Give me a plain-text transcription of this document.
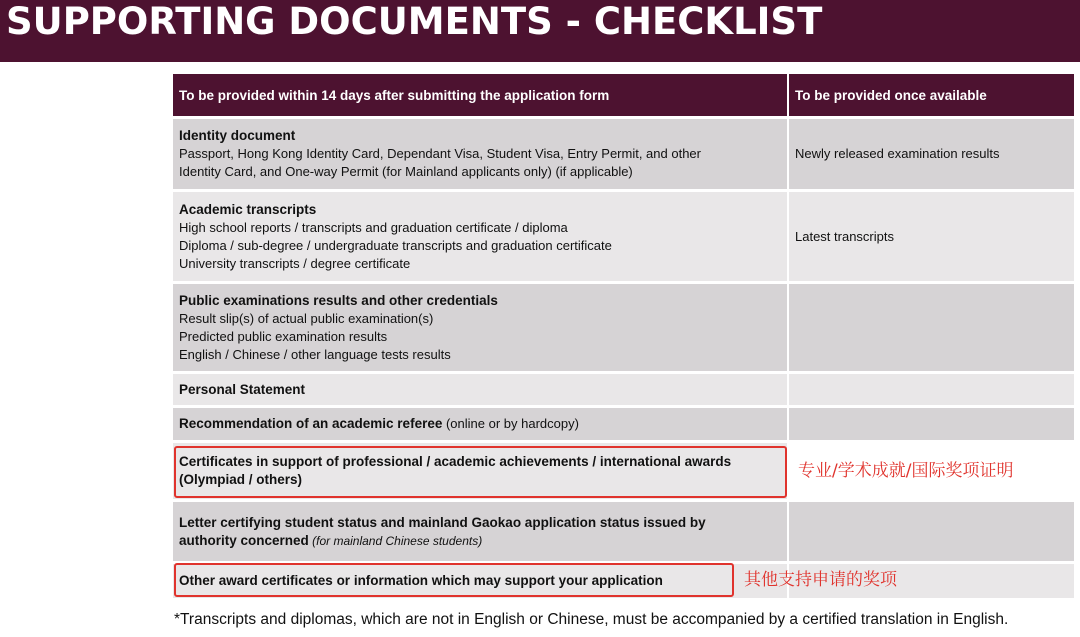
SUPPORTING DOCUMENTS - CHECKLIST
To be provided within 14 days after submitting the application form	To be provided once available
Identity document
Passport, Hong Kong Identity Card, Dependant Visa, Student Visa, Entry Permit, and other
Identity Card, and One-way Permit (for Mainland applicants only) (if applicable)
Newly released examination results
Academic transcripts
High school reports / transcripts and graduation certificate / diploma
Diploma / sub-degree / undergraduate transcripts and graduation certificate
University transcripts / degree certificate
Latest transcripts
Public examinations results and other credentials
Result slip(s) of actual public examination(s)
Predicted public examination results
English / Chinese / other language tests results
Personal Statement
Recommendation of an academic referee (online or by hardcopy)
Certificates in support of professional / academic achievements / international awards
(Olympiad / others)
Letter certifying student status and mainland Gaokao application status issued by
authority concerned (for mainland Chinese students)
Other award certificates or information which may support your application
专业/学术成就/国际奖项证明
其他支持申请的奖项
*Transcripts and diplomas, which are not in English or Chinese, must be accompanied by a certified translation in English.
